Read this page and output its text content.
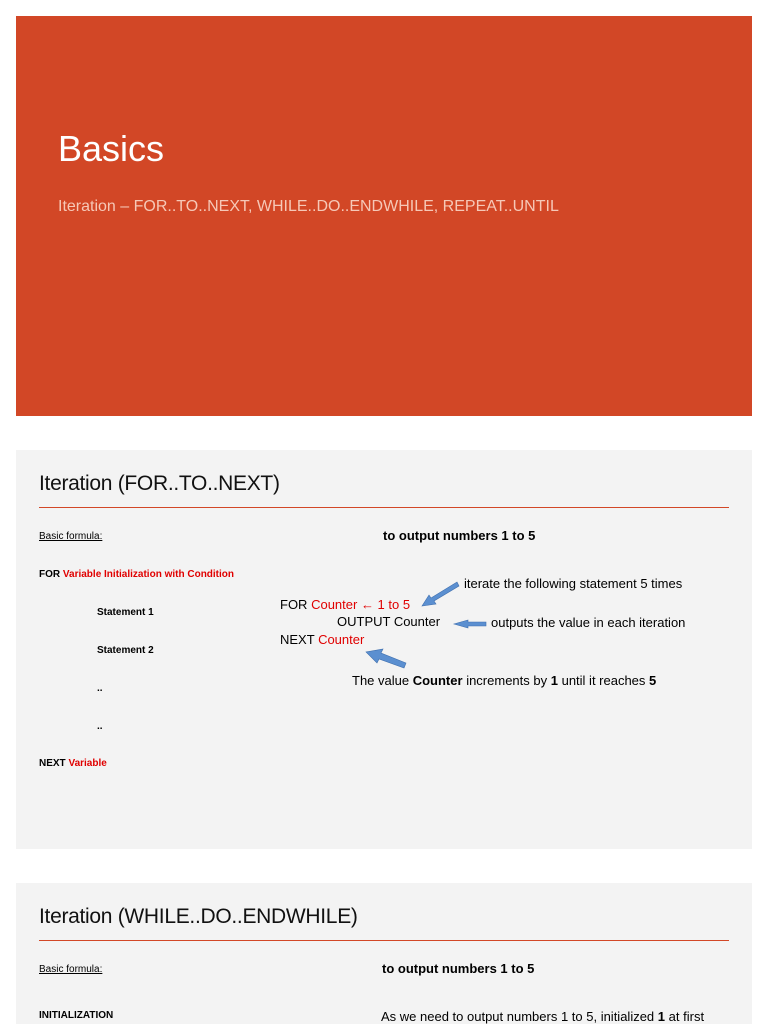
Basics
Iteration – FOR..TO..NEXT, WHILE..DO..ENDWHILE, REPEAT..UNTIL
Iteration (FOR..TO..NEXT)
Basic formula:	to output numbers 1 to 5
FOR Variable Initialization with Condition
Statement 1
Statement 2
..
..
NEXT Variable
FOR Counter ← 1 to 5
OUTPUT Counter
NEXT Counter
iterate the following statement 5 times
outputs the value in each iteration
The value Counter increments by 1 until it reaches 5
Iteration (WHILE..DO..ENDWHILE)
Basic formula:	to output numbers 1 to 5
INITIALIZATION	As we need to output numbers 1 to 5, initialized 1 at first
